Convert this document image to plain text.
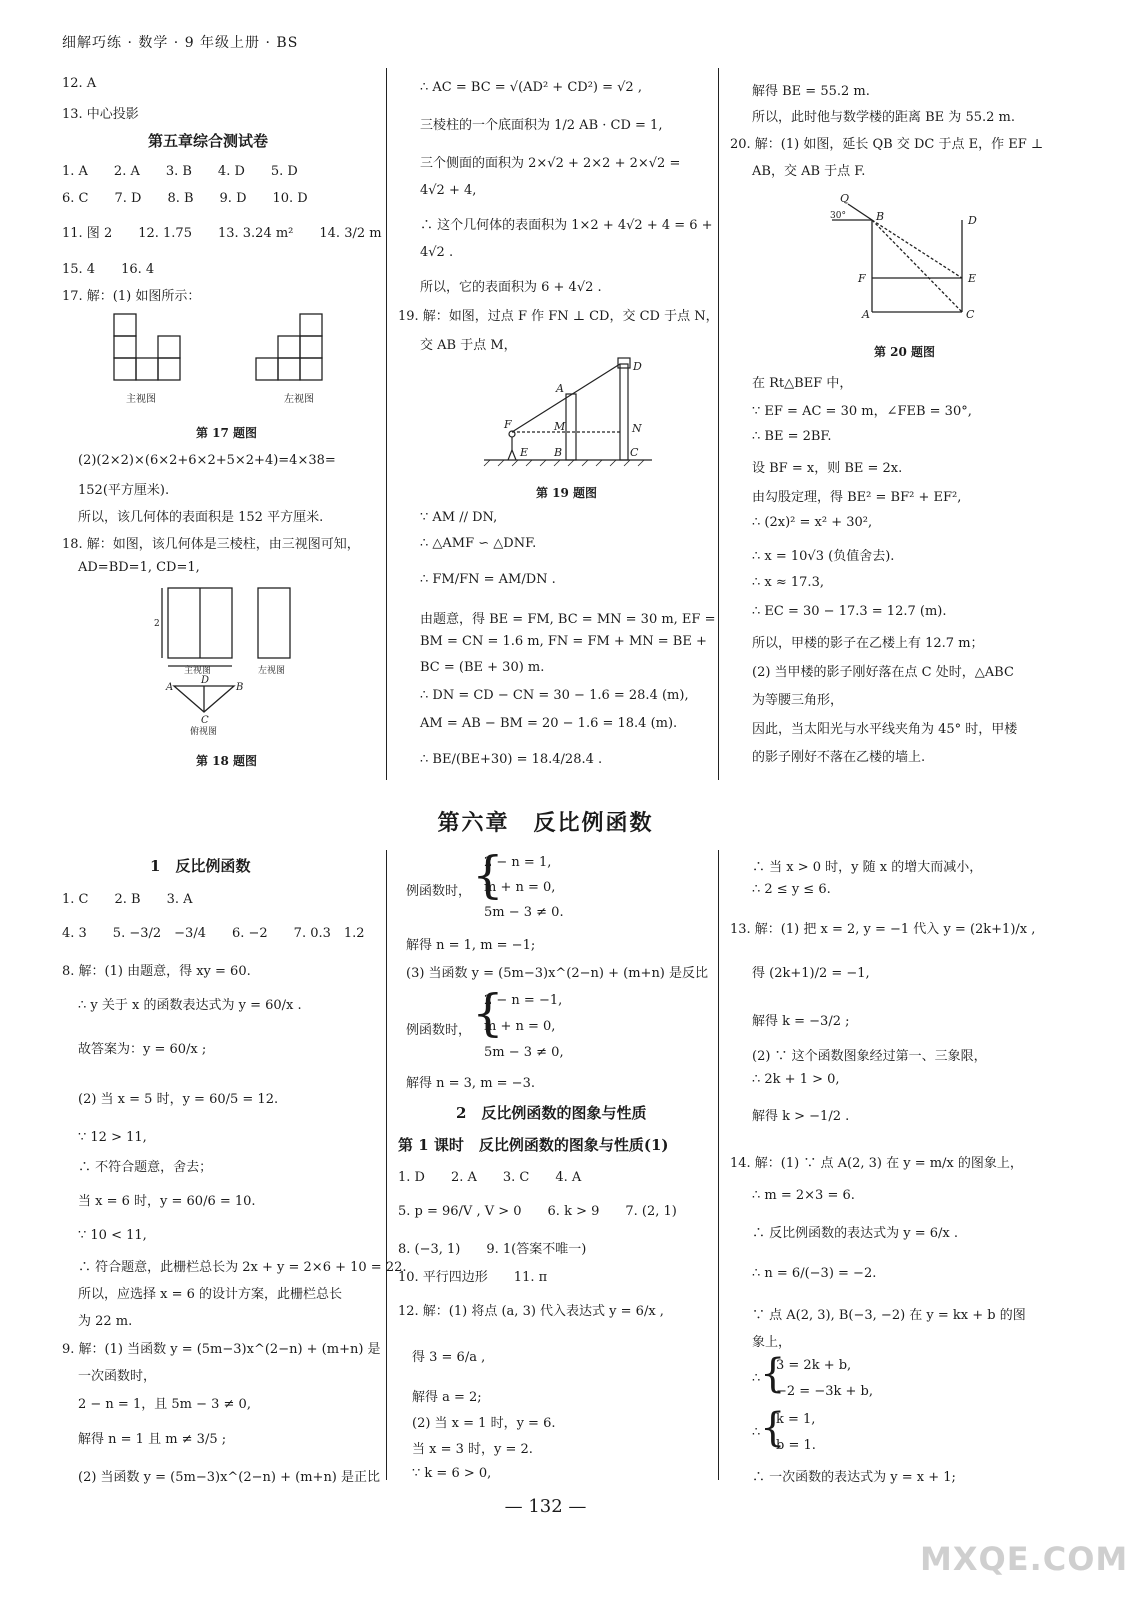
细解巧练 · 数学 · 9 年级上册 · BS
12. A
13. 中心投影
第五章综合测试卷
1. A　　2. A　　3. B　　4. D　　5. D
6. C　　7. D　　8. B　　9. D　　10. D
11. 图 2　　12. 1.75　　13. 3.24 m²　　14. 3/2 m
15. 4　　16. 4
17. 解：(1) 如图所示：
主视图	左视图
第 17 题图
(2)(2×2)×(6×2+6×2+5×2+4)=4×38=
152(平方厘米).
所以，该几何体的表面积是 152 平方厘米.
18. 解：如图，该几何体是三棱柱，由三视图可知，
AD=BD=1, CD=1,
2
主视图	左视图
A
D
B
C
俯视图
第 18 题图
∴ AC = BC = √(AD² + CD²) = √2 ,
三棱柱的一个底面积为 1/2 AB · CD = 1,
三个侧面的面积为 2×√2 + 2×2 + 2×√2 =
4√2 + 4,
∴ 这个几何体的表面积为 1×2 + 4√2 + 4 = 6 +
4√2 .
所以，它的表面积为 6 + 4√2 .
19. 解：如图，过点 F 作 FN ⊥ CD，交 CD 于点 N，
交 AB 于点 M，
D
A
F	M	N
E B	C
第 19 题图
∵ AM // DN,
∴ △AMF ∽ △DNF.
∴ FM/FN = AM/DN .
由题意，得 BE = FM, BC = MN = 30 m, EF =
BM = CN = 1.6 m, FN = FM + MN = BE +
BC = (BE + 30) m.
∴ DN = CD − CN = 30 − 1.6 = 28.4 (m),
AM = AB − BM = 20 − 1.6 = 18.4 (m).
∴ BE/(BE+30) = 18.4/28.4 .
解得 BE = 55.2 m.
所以，此时他与数学楼的距离 BE 为 55.2 m.
20. 解：(1) 如图，延长 QB 交 DC 于点 E，作 EF ⊥
AB，交 AB 于点 F.
Q
30°	B	D
F	E
A	C
第 20 题图
在 Rt△BEF 中，
∵ EF = AC = 30 m，∠FEB = 30°,
∴ BE = 2BF.
设 BF = x，则 BE = 2x.
由勾股定理，得 BE² = BF² + EF²,
∴ (2x)² = x² + 30²,
∴ x = 10√3 (负值舍去).
∴ x ≈ 17.3,
∴ EC = 30 − 17.3 = 12.7 (m).
所以，甲楼的影子在乙楼上有 12.7 m；
(2) 当甲楼的影子刚好落在点 C 处时，△ABC
为等腰三角形，
因此，当太阳光与水平线夹角为 45° 时，甲楼
的影子刚好不落在乙楼的墙上.
第六章　反比例函数
1　反比例函数
1. C　　2. B　　3. A
4. 3　　5. −3/2　−3/4　　6. −2　　7. 0.3　1.2
8. 解：(1) 由题意，得 xy = 60.
∴ y 关于 x 的函数表达式为 y = 60/x .
故答案为：y = 60/x ;
(2) 当 x = 5 时，y = 60/5 = 12.
∵ 12 > 11,
∴ 不符合题意，舍去；
当 x = 6 时，y = 60/6 = 10.
∵ 10 < 11,
∴ 符合题意，此栅栏总长为 2x + y = 2×6 + 10 = 22.
所以，应选择 x = 6 的设计方案，此栅栏总长
为 22 m.
9. 解：(1) 当函数 y = (5m−3)x^(2−n) + (m+n) 是
一次函数时，
2 − n = 1，且 5m − 3 ≠ 0,
解得 n = 1 且 m ≠ 3/5 ;
(2) 当函数 y = (5m−3)x^(2−n) + (m+n) 是正比
{
2 − n = 1,
例函数时， m + n = 0,
5m − 3 ≠ 0.
解得 n = 1, m = −1;
(3) 当函数 y = (5m−3)x^(2−n) + (m+n) 是反比
{
2 − n = −1,
例函数时， m + n = 0,
5m − 3 ≠ 0,
解得 n = 3, m = −3.
2　反比例函数的图象与性质
第 1 课时　反比例函数的图象与性质(1)
1. D　　2. A　　3. C　　4. A
5. p = 96/V , V > 0　　6. k > 9　　7. (2, 1)
8. (−3, 1)　　9. 1(答案不唯一)
10. 平行四边形　　11. π
12. 解：(1) 将点 (a, 3) 代入表达式 y = 6/x ,
得 3 = 6/a ,
解得 a = 2;
(2) 当 x = 1 时，y = 6.
当 x = 3 时，y = 2.
∵ k = 6 > 0,
∴ 当 x > 0 时，y 随 x 的增大而减小，
∴ 2 ≤ y ≤ 6.
13. 解：(1) 把 x = 2, y = −1 代入 y = (2k+1)/x ,
得 (2k+1)/2 = −1,
解得 k = −3/2 ;
(2) ∵ 这个函数图象经过第一、三象限，
∴ 2k + 1 > 0,
解得 k > −1/2 .
14. 解：(1) ∵ 点 A(2, 3) 在 y = m/x 的图象上，
∴ m = 2×3 = 6.
∴ 反比例函数的表达式为 y = 6/x .
∴ n = 6/(−3) = −2.
∵ 点 A(2, 3), B(−3, −2) 在 y = kx + b 的图
象上，
{
3 = 2k + b,
∴
−2 = −3k + b,
{
k = 1,
∴
b = 1.
∴ 一次函数的表达式为 y = x + 1;
— 132 —
MXQE.COM
